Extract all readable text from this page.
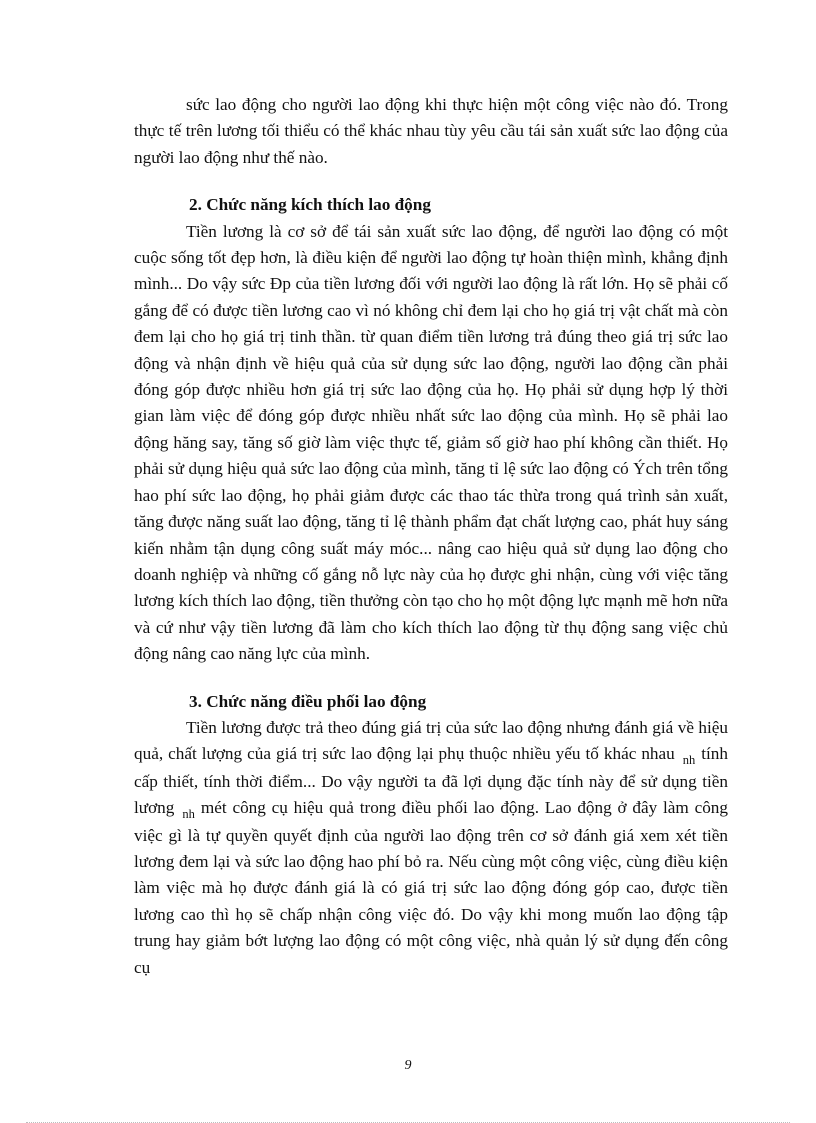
sức lao động cho người lao động khi thực hiện một công việc nào đó. Trong thực tế trên lương tối thiểu có thể khác nhau tùy yêu cầu tái sản xuất sức lao động của người lao động như thế nào.

2. Chức năng kích thích lao động

Tiền lương là cơ sở để tái sản xuất sức lao động, để người lao động có một cuộc sống tốt đẹp hơn, là điều kiện để người lao động tự hoàn thiện mình, khẳng định mình... Do vậy sức Đp của tiền lương đối với người lao động là rất lớn. Họ sẽ phải cố gắng để có được tiền lương cao vì nó không chỉ đem lại cho họ giá trị vật chất mà còn đem lại cho họ giá trị tinh thần. từ quan điểm tiền lương trả đúng theo giá trị sức lao động và nhận định về hiệu quả của sử dụng sức lao động, người lao động cần phải đóng góp được nhiều hơn giá trị sức lao động của họ. Họ phải sử dụng hợp lý thời gian làm việc để đóng góp được nhiều nhất sức lao động của mình. Họ sẽ phải lao động hăng say, tăng số giờ làm việc thực tế, giảm số giờ hao phí không cần thiết. Họ phải sử dụng hiệu quả sức lao động của mình, tăng tỉ lệ sức lao động có Ých trên tổng hao phí sức lao động, họ phải giảm được các thao tác thừa trong quá trình sản xuất, tăng được năng suất lao động, tăng tỉ lệ thành phẩm đạt chất lượng cao, phát huy sáng kiến nhằm tận dụng công suất máy móc... nâng cao hiệu quả sử dụng lao động cho doanh nghiệp và những cố gắng nỗ lực này của họ được ghi nhận, cùng với việc tăng lương kích thích lao động, tiền thưởng còn tạo cho họ một động lực mạnh mẽ hơn nữa và cứ như vậy tiền lương đã làm cho kích thích lao động từ thụ động sang việc chủ động nâng cao năng lực của mình.

3. Chức năng điều phối lao động

Tiền lương được trả theo đúng giá trị của sức lao động nhưng đánh giá về hiệu quả, chất lượng của giá trị sức lao động lại phụ thuộc nhiều yếu tố khác nhau $_{nh}$ tính cấp thiết, tính thời điểm... Do vậy người ta đã lợi dụng đặc tính này để sử dụng tiền lương $_{nh}$ mét công cụ hiệu quả trong điều phối lao động. Lao động ở đây làm công việc gì là tự quyền quyết định của người lao động trên cơ sở đánh giá xem xét tiền lương đem lại và sức lao động hao phí bỏ ra. Nếu cùng một công việc, cùng điều kiện làm việc mà họ được đánh giá là có giá trị sức lao động đóng góp cao, được tiền lương cao thì họ sẽ chấp nhận công việc đó. Do vậy khi mong muốn lao động tập trung hay giảm bớt lượng lao động có một công việc, nhà quản lý sử dụng đến công cụ

9
